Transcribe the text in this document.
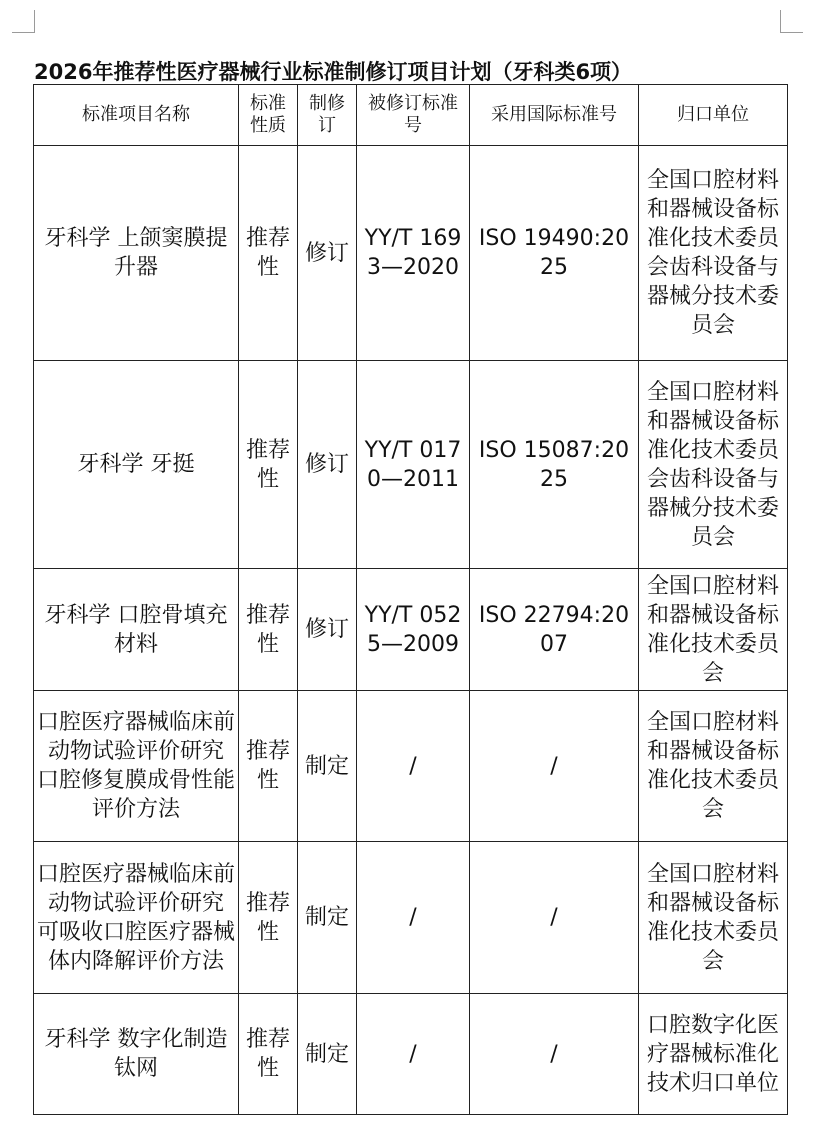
2026年推荐性医疗器械行业标准制修订项目计划（牙科类6项）
标准项目名称	标准性质	制修订	被修订标准号	采用国际标准号	归口单位
牙科学 上颌窦膜提升器	推荐性	修订	YY/T 1693—2020	ISO 19490:2025	全国口腔材料和器械设备标准化技术委员会齿科设备与器械分技术委员会
牙科学 牙挺	推荐性	修订	YY/T 0170—2011	ISO 15087:2025	全国口腔材料和器械设备标准化技术委员会齿科设备与器械分技术委员会
牙科学 口腔骨填充材料	推荐性	修订	YY/T 0525—2009	ISO 22794:2007	全国口腔材料和器械设备标准化技术委员会
口腔医疗器械临床前动物试验评价研究 口腔修复膜成骨性能评价方法	推荐性	制定	/	/	全国口腔材料和器械设备标准化技术委员会
口腔医疗器械临床前动物试验评价研究 可吸收口腔医疗器械体内降解评价方法	推荐性	制定	/	/	全国口腔材料和器械设备标准化技术委员会
牙科学 数字化制造钛网	推荐性	制定	/	/	口腔数字化医疗器械标准化技术归口单位
